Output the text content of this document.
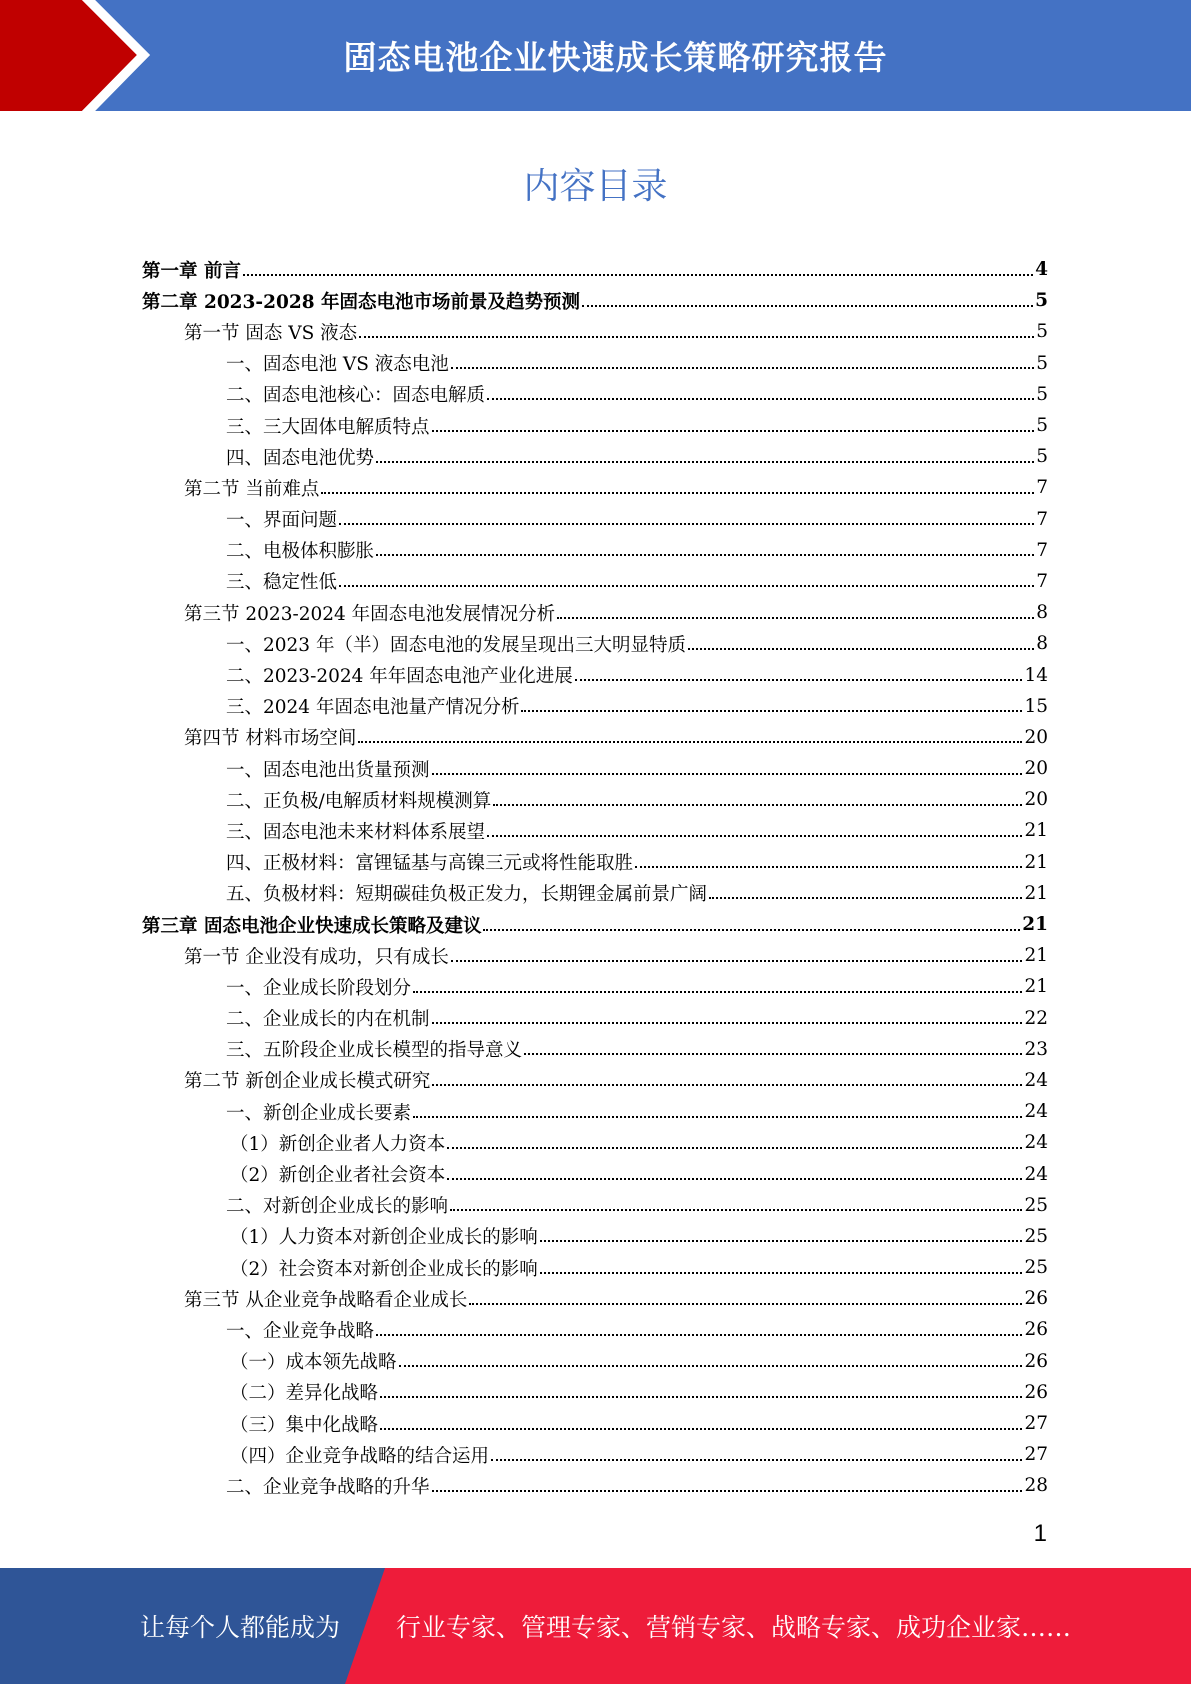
固态电池企业快速成长策略研究报告
内容目录
第一章 前言	4
第二章 2023-2028 年固态电池市场前景及趋势预测	5
第一节 固态 VS 液态	5
一、固态电池 VS 液态电池	5
二、固态电池核心：固态电解质	5
三、三大固体电解质特点	5
四、固态电池优势	5
第二节 当前难点	7
一、界面问题	7
二、电极体积膨胀	7
三、稳定性低	7
第三节 2023-2024 年固态电池发展情况分析	8
一、2023 年（半）固态电池的发展呈现出三大明显特质	8
二、2023-2024 年年固态电池产业化进展	14
三、2024 年固态电池量产情况分析	15
第四节 材料市场空间	20
一、固态电池出货量预测	20
二、正负极/电解质材料规模测算	20
三、固态电池未来材料体系展望	21
四、正极材料：富锂锰基与高镍三元或将性能取胜	21
五、负极材料：短期碳硅负极正发力，长期锂金属前景广阔	21
第三章 固态电池企业快速成长策略及建议	21
第一节 企业没有成功，只有成长	21
一、企业成长阶段划分	21
二、企业成长的内在机制	22
三、五阶段企业成长模型的指导意义	23
第二节 新创企业成长模式研究	24
一、新创企业成长要素	24
（1）新创企业者人力资本	24
（2）新创企业者社会资本	24
二、对新创企业成长的影响	25
（1）人力资本对新创企业成长的影响	25
（2）社会资本对新创企业成长的影响	25
第三节 从企业竞争战略看企业成长	26
一、企业竞争战略	26
（一）成本领先战略	26
（二）差异化战略	26
（三）集中化战略	27
（四）企业竞争战略的结合运用	27
二、企业竞争战略的升华	28
1
让每个人都能成为 行业专家、管理专家、营销专家、战略专家、成功企业家……
